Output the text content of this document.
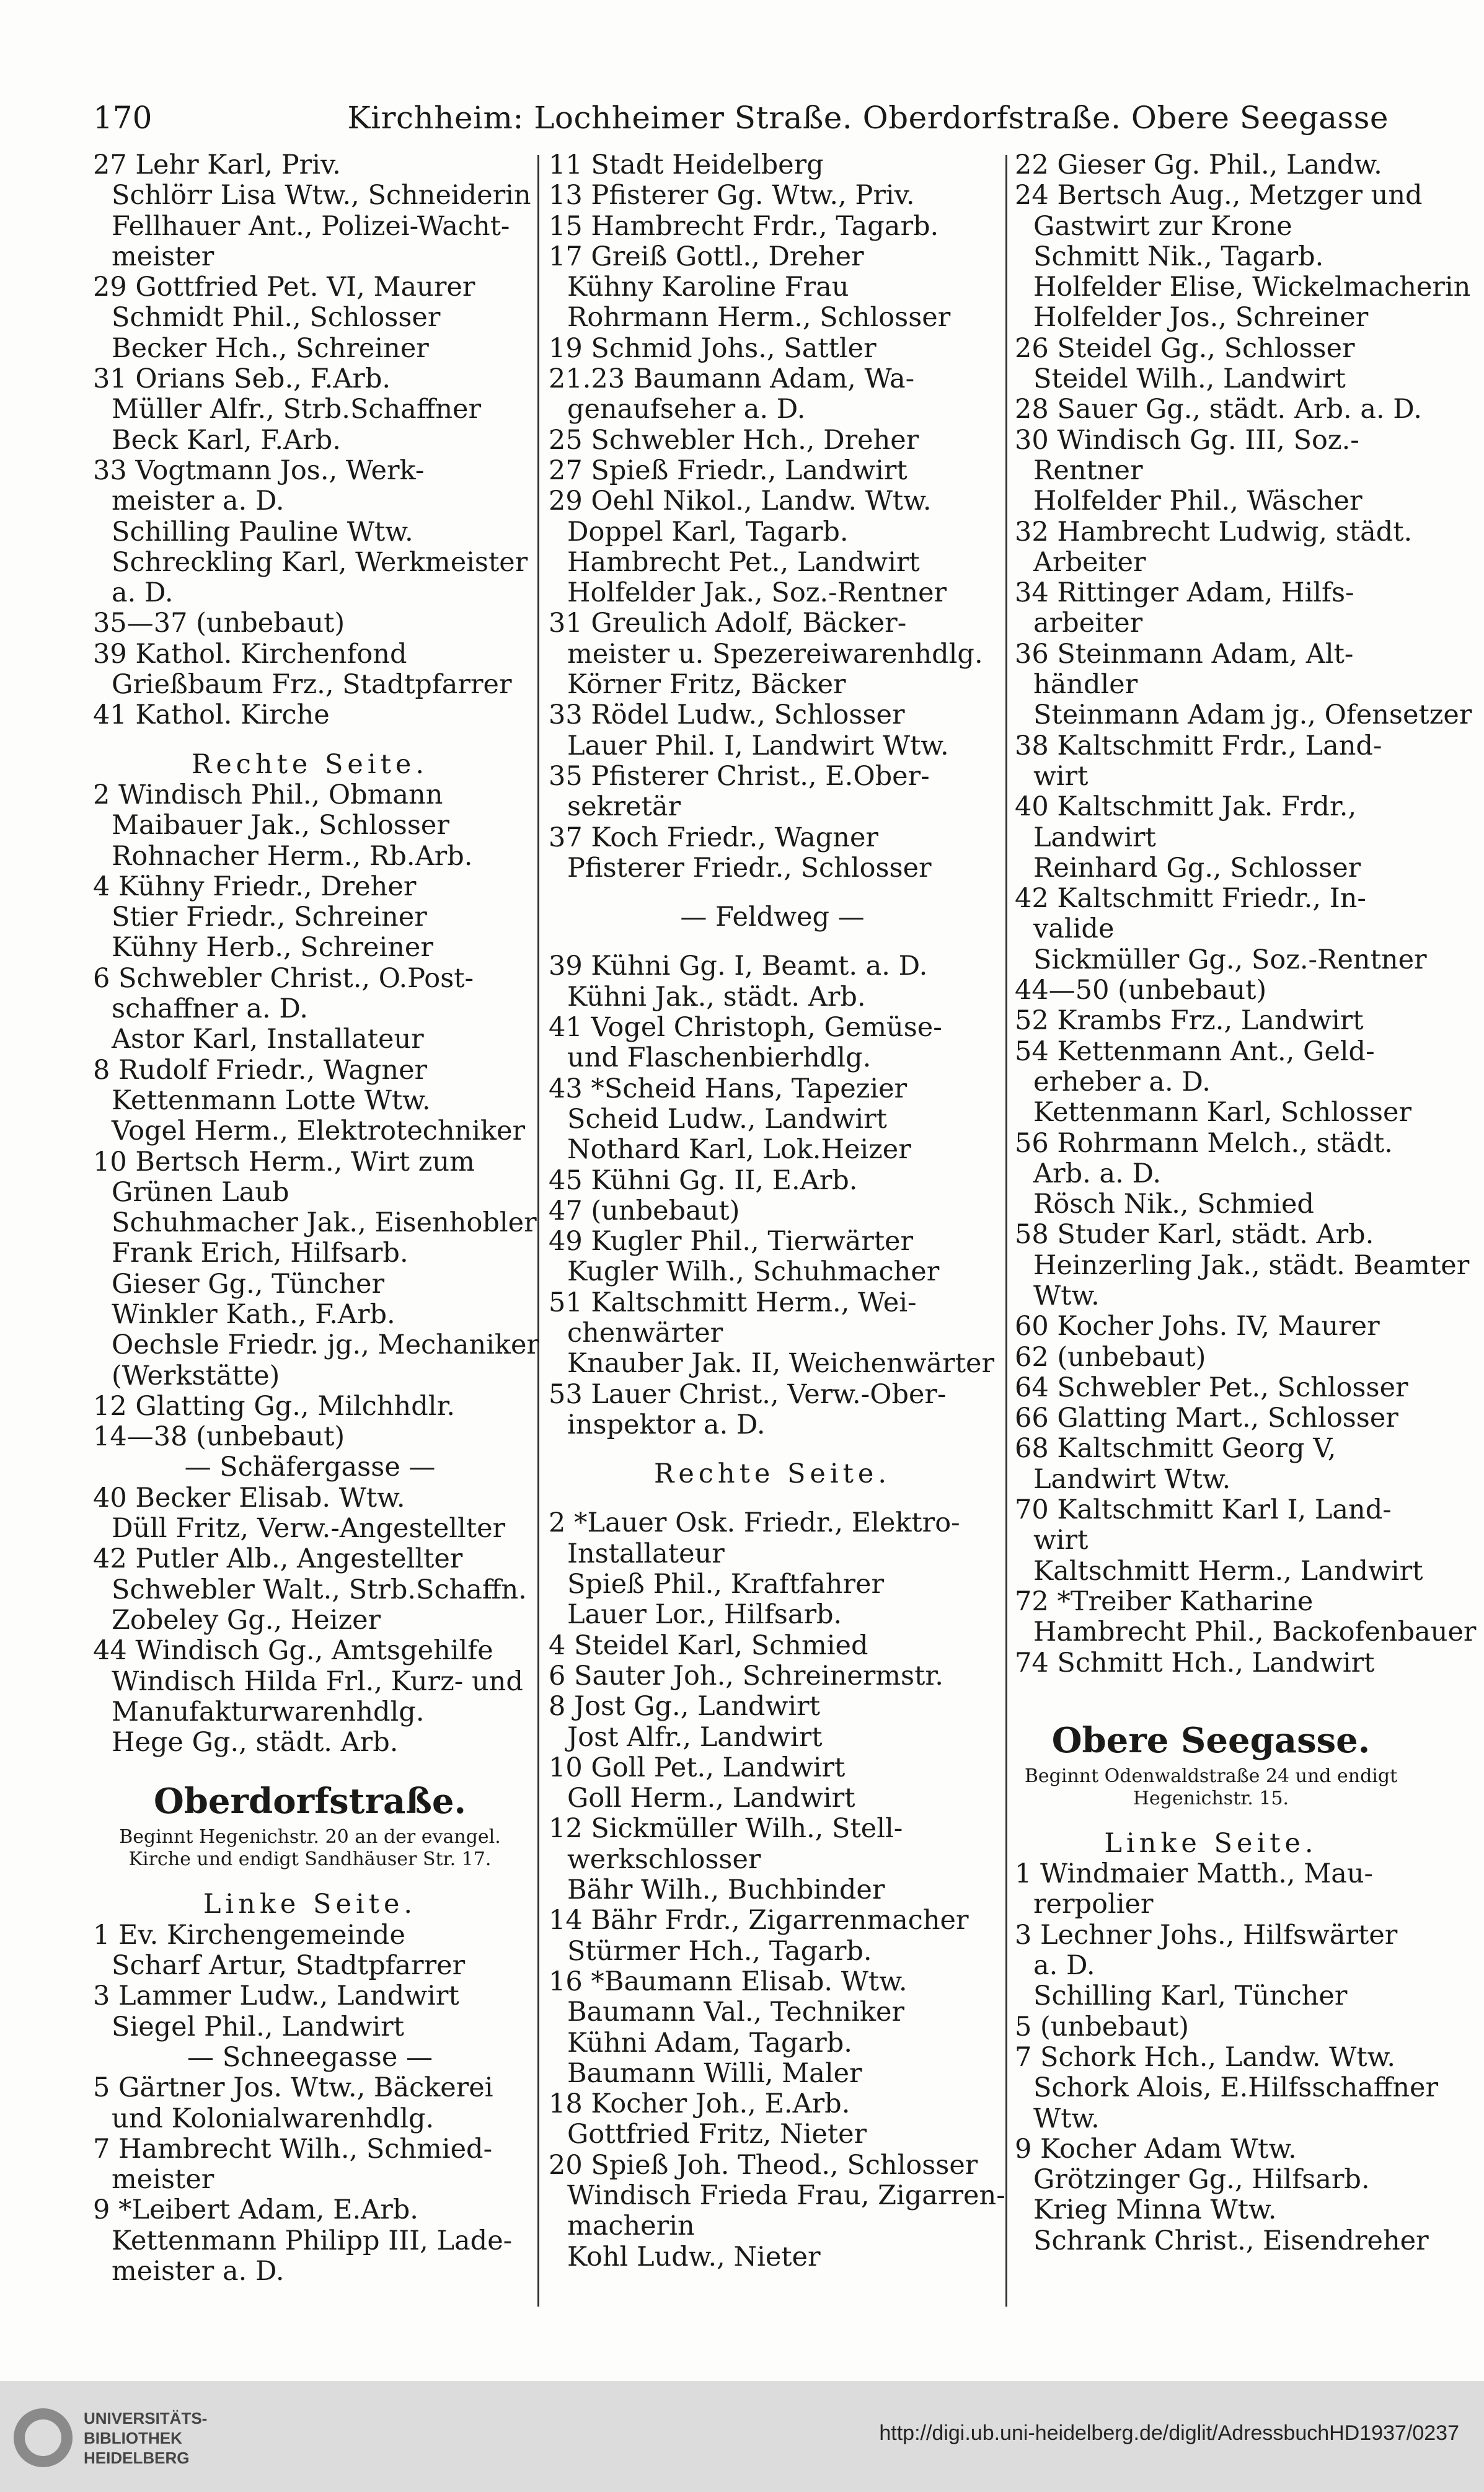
170	Kirchheim: Lochheimer Straße. Oberdorfstraße. Obere Seegasse
27 Lehr Karl, Priv.
Schlörr Lisa Wtw., Schneiderin
Fellhauer Ant., Polizei-Wacht-
meister
29 Gottfried Pet. VI, Maurer
Schmidt Phil., Schlosser
Becker Hch., Schreiner
31 Orians Seb., F.Arb.
Müller Alfr., Strb.Schaffner
Beck Karl, F.Arb.
33 Vogtmann Jos., Werk-
meister a. D.
Schilling Pauline Wtw.
Schreckling Karl, Werkmeister
a. D.
35—37 (unbebaut)
39 Kathol. Kirchenfond
Grießbaum Frz., Stadtpfarrer
41 Kathol. Kirche
Rechte Seite.
2 Windisch Phil., Obmann
Maibauer Jak., Schlosser
Rohnacher Herm., Rb.Arb.
4 Kühny Friedr., Dreher
Stier Friedr., Schreiner
Kühny Herb., Schreiner
6 Schwebler Christ., O.Post-
schaffner a. D.
Astor Karl, Installateur
8 Rudolf Friedr., Wagner
Kettenmann Lotte Wtw.
Vogel Herm., Elektrotechniker
10 Bertsch Herm., Wirt zum
Grünen Laub
Schuhmacher Jak., Eisenhobler
Frank Erich, Hilfsarb.
Gieser Gg., Tüncher
Winkler Kath., F.Arb.
Oechsle Friedr. jg., Mechaniker
(Werkstätte)
12 Glatting Gg., Milchhdlr.
14—38 (unbebaut)
— Schäfergasse —
40 Becker Elisab. Wtw.
Düll Fritz, Verw.-Angestellter
42 Putler Alb., Angestellter
Schwebler Walt., Strb.Schaffn.
Zobeley Gg., Heizer
44 Windisch Gg., Amtsgehilfe
Windisch Hilda Frl., Kurz- und
Manufakturwarenhdlg.
Hege Gg., städt. Arb.
Oberdorfstraße.
Beginnt Hegenichstr. 20 an der evangel.
Kirche und endigt Sandhäuser Str. 17.
Linke Seite.
1 Ev. Kirchengemeinde
Scharf Artur, Stadtpfarrer
3 Lammer Ludw., Landwirt
Siegel Phil., Landwirt
— Schneegasse —
5 Gärtner Jos. Wtw., Bäckerei
und Kolonialwarenhdlg.
7 Hambrecht Wilh., Schmied-
meister
9 *Leibert Adam, E.Arb.
Kettenmann Philipp III, Lade-
meister a. D.
11 Stadt Heidelberg
13 Pfisterer Gg. Wtw., Priv.
15 Hambrecht Frdr., Tagarb.
17 Greiß Gottl., Dreher
Kühny Karoline Frau
Rohrmann Herm., Schlosser
19 Schmid Johs., Sattler
21.23 Baumann Adam, Wa-
genaufseher a. D.
25 Schwebler Hch., Dreher
27 Spieß Friedr., Landwirt
29 Oehl Nikol., Landw. Wtw.
Doppel Karl, Tagarb.
Hambrecht Pet., Landwirt
Holfelder Jak., Soz.-Rentner
31 Greulich Adolf, Bäcker-
meister u. Spezereiwarenhdlg.
Körner Fritz, Bäcker
33 Rödel Ludw., Schlosser
Lauer Phil. I, Landwirt Wtw.
35 Pfisterer Christ., E.Ober-
sekretär
37 Koch Friedr., Wagner
Pfisterer Friedr., Schlosser
— Feldweg —
39 Kühni Gg. I, Beamt. a. D.
Kühni Jak., städt. Arb.
41 Vogel Christoph, Gemüse-
und Flaschenbierhdlg.
43 *Scheid Hans, Tapezier
Scheid Ludw., Landwirt
Nothard Karl, Lok.Heizer
45 Kühni Gg. II, E.Arb.
47 (unbebaut)
49 Kugler Phil., Tierwärter
Kugler Wilh., Schuhmacher
51 Kaltschmitt Herm., Wei-
chenwärter
Knauber Jak. II, Weichenwärter
53 Lauer Christ., Verw.-Ober-
inspektor a. D.
Rechte Seite.
2 *Lauer Osk. Friedr., Elektro-
Installateur
Spieß Phil., Kraftfahrer
Lauer Lor., Hilfsarb.
4 Steidel Karl, Schmied
6 Sauter Joh., Schreinermstr.
8 Jost Gg., Landwirt
Jost Alfr., Landwirt
10 Goll Pet., Landwirt
Goll Herm., Landwirt
12 Sickmüller Wilh., Stell-
werkschlosser
Bähr Wilh., Buchbinder
14 Bähr Frdr., Zigarrenmacher
Stürmer Hch., Tagarb.
16 *Baumann Elisab. Wtw.
Baumann Val., Techniker
Kühni Adam, Tagarb.
Baumann Willi, Maler
18 Kocher Joh., E.Arb.
Gottfried Fritz, Nieter
20 Spieß Joh. Theod., Schlosser
Windisch Frieda Frau, Zigarren-
macherin
Kohl Ludw., Nieter
22 Gieser Gg. Phil., Landw.
24 Bertsch Aug., Metzger und
Gastwirt zur Krone
Schmitt Nik., Tagarb.
Holfelder Elise, Wickelmacherin
Holfelder Jos., Schreiner
26 Steidel Gg., Schlosser
Steidel Wilh., Landwirt
28 Sauer Gg., städt. Arb. a. D.
30 Windisch Gg. III, Soz.-
Rentner
Holfelder Phil., Wäscher
32 Hambrecht Ludwig, städt.
Arbeiter
34 Rittinger Adam, Hilfs-
arbeiter
36 Steinmann Adam, Alt-
händler
Steinmann Adam jg., Ofensetzer
38 Kaltschmitt Frdr., Land-
wirt
40 Kaltschmitt Jak. Frdr.,
Landwirt
Reinhard Gg., Schlosser
42 Kaltschmitt Friedr., In-
valide
Sickmüller Gg., Soz.-Rentner
44—50 (unbebaut)
52 Krambs Frz., Landwirt
54 Kettenmann Ant., Geld-
erheber a. D.
Kettenmann Karl, Schlosser
56 Rohrmann Melch., städt.
Arb. a. D.
Rösch Nik., Schmied
58 Studer Karl, städt. Arb.
Heinzerling Jak., städt. Beamter
Wtw.
60 Kocher Johs. IV, Maurer
62 (unbebaut)
64 Schwebler Pet., Schlosser
66 Glatting Mart., Schlosser
68 Kaltschmitt Georg V,
Landwirt Wtw.
70 Kaltschmitt Karl I, Land-
wirt
Kaltschmitt Herm., Landwirt
72 *Treiber Katharine
Hambrecht Phil., Backofenbauer
74 Schmitt Hch., Landwirt
Obere Seegasse.
Beginnt Odenwaldstraße 24 und endigt
Hegenichstr. 15.
Linke Seite.
1 Windmaier Matth., Mau-
rerpolier
3 Lechner Johs., Hilfswärter
a. D.
Schilling Karl, Tüncher
5 (unbebaut)
7 Schork Hch., Landw. Wtw.
Schork Alois, E.Hilfsschaffner
Wtw.
9 Kocher Adam Wtw.
Grötzinger Gg., Hilfsarb.
Krieg Minna Wtw.
Schrank Christ., Eisendreher
UNIVERSITÄTS-
BIBLIOTHEK
HEIDELBERG
http://digi.ub.uni-heidelberg.de/diglit/AdressbuchHD1937/0237
